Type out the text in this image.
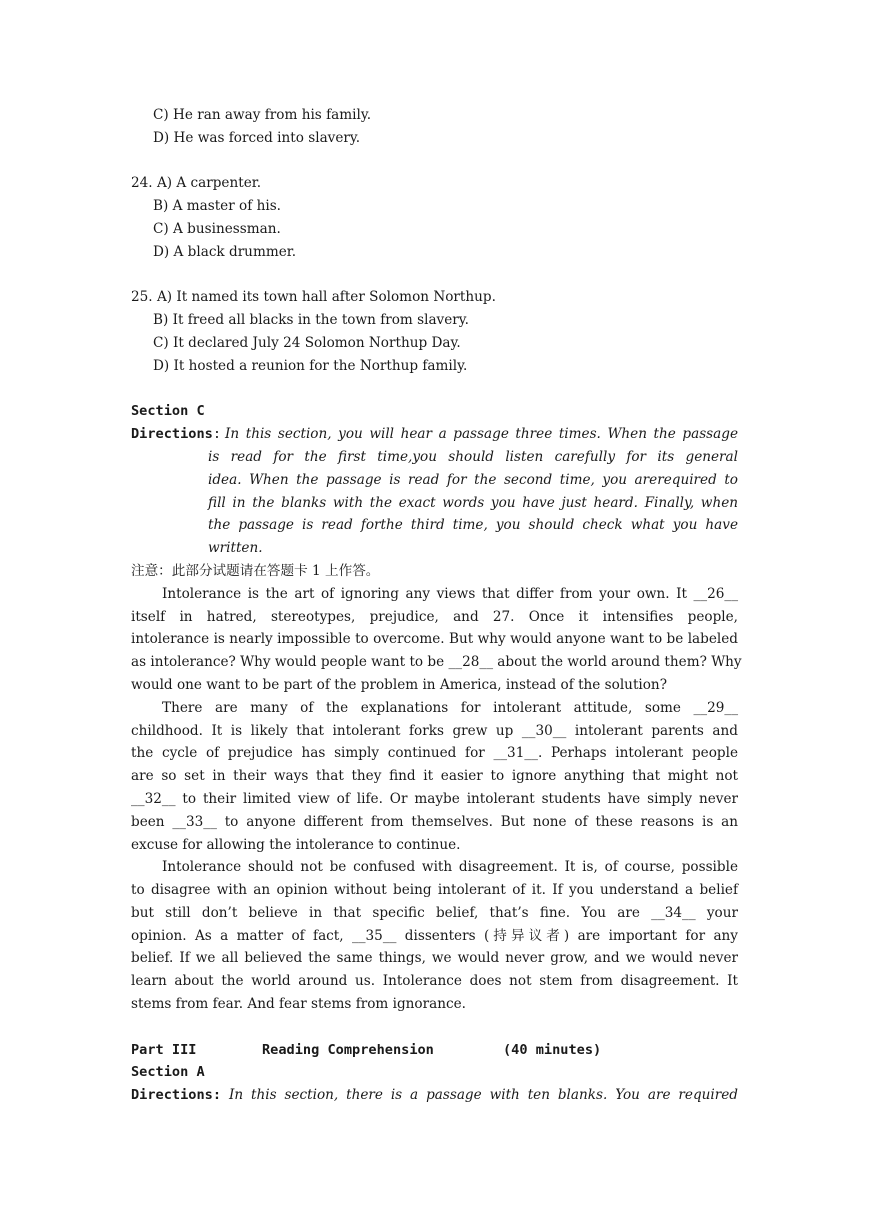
C) He ran away from his family.
D) He was forced into slavery.
24. A) A carpenter.
B) A master of his.
C) A businessman.
D) A black drummer.
25. A) It named its town hall after Solomon Northup.
B) It freed all blacks in the town from slavery.
C) It declared July 24 Solomon Northup Day.
D) It hosted a reunion for the Northup family.
Section C
Directions: In this section, you will hear a passage three times. When the passage
is read for the first time,you should listen carefully for its general
idea. When the passage is read for the second time, you arerequired to
fill in the blanks with the exact words you have just heard. Finally, when
the passage is read forthe third time, you should check what you have
written.
注意：此部分试题请在答题卡 1 上作答。
Intolerance is the art of ignoring any views that differ from your own. It __26__
itself in hatred, stereotypes, prejudice, and 27. Once it intensifies people,
intolerance is nearly impossible to overcome. But why would anyone want to be labeled
as intolerance? Why would people want to be __28__ about the world around them? Why
would one want to be part of the problem in America, instead of the solution?
There are many of the explanations for intolerant attitude, some __29__
childhood. It is likely that intolerant forks grew up __30__ intolerant parents and
the cycle of prejudice has simply continued for __31__. Perhaps intolerant people
are so set in their ways that they find it easier to ignore anything that might not
__32__ to their limited view of life. Or maybe intolerant students have simply never
been __33__ to anyone different from themselves. But none of these reasons is an
excuse for allowing the intolerance to continue.
Intolerance should not be confused with disagreement. It is, of course, possible
to disagree with an opinion without being intolerant of it. If you understand a belief
but still don’t believe in that specific belief, that’s fine. You are __34__ your
opinion. As a matter of fact, __35__ dissenters (持异议者) are important for any
belief. If we all believed the same things, we would never grow, and we would never
learn about the world around us. Intolerance does not stem from disagreement. It
stems from fear. And fear stems from ignorance.
Part III	Reading Comprehension	(40 minutes)
Section A
Directions: In this section, there is a passage with ten blanks. You are required
